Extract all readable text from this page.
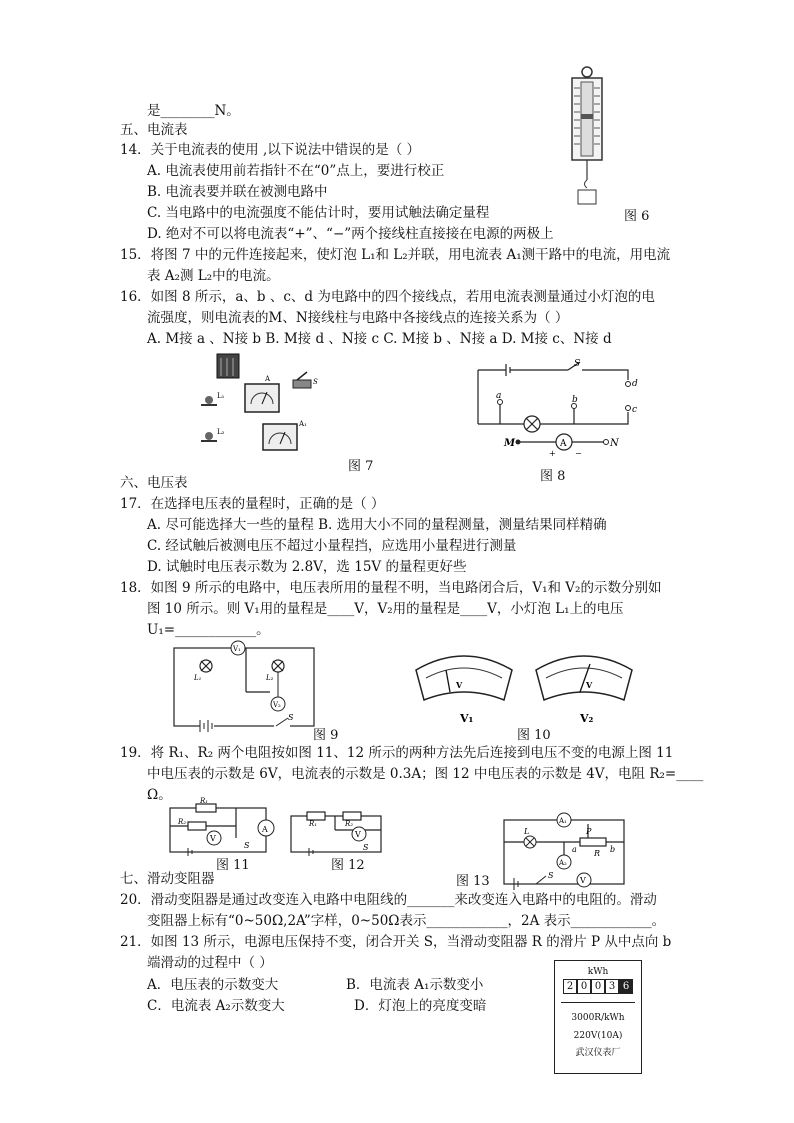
是________N。
五、电流表
14．关于电流表的使用 ,以下说法中错误的是（ ）
A. 电流表使用前若指针不在“0”点上，要进行校正
B. 电流表要并联在被测电路中
C. 当电路中的电流强度不能估计时，要用试触法确定量程	图 6
D. 绝对不可以将电流表“+”、“−”两个接线柱直接接在电源的两极上
15．将图 7 中的元件连接起来，使灯泡 L₁和 L₂并联，用电流表 A₁测干路中的电流，用电流
表 A₂测 L₂中的电流。
16．如图 8 所示，a、b 、c、d 为电路中的四个接线点，若用电流表测量通过小灯泡的电
流强度，则电流表的M、N接线柱与电路中各接线点的连接关系为（ ）
A. M接 a 、N接 b B. M接 d 、N接 c C. M接 b 、N接 a D. M接 c、N接 d
图 7
图 8
六、电压表
17．在选择电压表的量程时，正确的是（ ）
A. 尽可能选择大一些的量程 B. 选用大小不同的量程测量，测量结果同样精确
C. 经试触后被测电压不超过小量程挡，应选用小量程进行测量
D. 试触时电压表示数为 2.8V，选 15V 的量程更好些
18．如图 9 所示的电路中，电压表所用的量程不明，当电路闭合后，V₁和 V₂的示数分别如
图 10 所示。则 V₁用的量程是____V，V₂用的量程是____V，小灯泡 L₁上的电压
U₁=____________。
图 9	图 10
19．将 R₁、R₂ 两个电阻按如图 11、12 所示的两种方法先后连接到电压不变的电源上图 11
中电压表的示数是 6V，电流表的示数是 0.3A；图 12 中电压表的示数是 4V，电阻 R₂=____
Ω。
图 11	图 12
图 13
七、滑动变阻器
20．滑动变阻器是通过改变连入电路中电阻线的_______来改变连入电路中的电阻的。滑动
变阻器上标有“0~50Ω,2A”字样，0~50Ω表示____________，2A 表示____________。
21．如图 13 所示，电源电压保持不变，闭合开关 S，当滑动变阻器 R 的滑片 P 从中点向 b
端滑动的过程中（ ）
A．电压表的示数变大	B．电流表 A₁示数变小
C．电流表 A₂示数变大	D．灯泡上的亮度变暗
L₁
L₂
A
A₁
S	d
c
a	b
S
M	N
A
+ −
V₁
V₂
L₁	L₂
S
V
V₁
V
V₂
V
A
R₁
R₂
S
V
R₁	R₂
S
A₁
A₂
V
L	P
R
a	b
S
kWh
2 0 0 3 6
3000R/kWh
220V(10A)
武汉仪表厂
